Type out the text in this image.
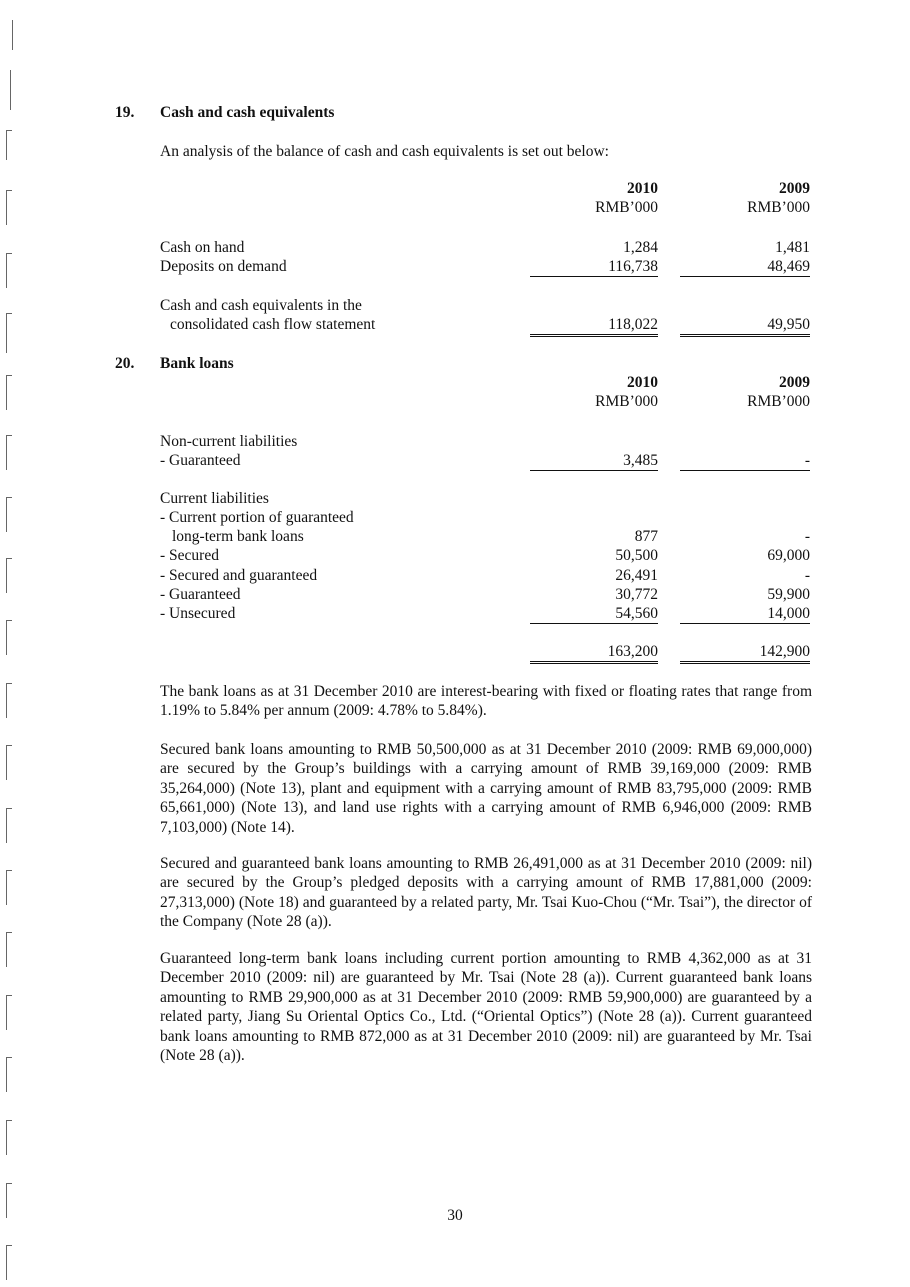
19. Cash and cash equivalents
An analysis of the balance of cash and cash equivalents is set out below:
2010	2009
RMB’000	RMB’000
Cash on hand	1,284	1,481
Deposits on demand	116,738	48,469
Cash and cash equivalents in the
consolidated cash flow statement	118,022	49,950
20. Bank loans
2010	2009
RMB’000	RMB’000
Non-current liabilities
- Guaranteed	3,485	-
Current liabilities
- Current portion of guaranteed
long-term bank loans	877	-
- Secured	50,500	69,000
- Secured and guaranteed	26,491	-
- Guaranteed	30,772	59,900
- Unsecured	54,560	14,000
163,200	142,900
The bank loans as at 31 December 2010 are interest-bearing with fixed or floating rates that range from 1.19% to 5.84% per annum (2009: 4.78% to 5.84%).
Secured bank loans amounting to RMB 50,500,000 as at 31 December 2010 (2009: RMB 69,000,000) are secured by the Group’s buildings with a carrying amount of RMB 39,169,000 (2009: RMB 35,264,000) (Note 13), plant and equipment with a carrying amount of RMB 83,795,000 (2009: RMB 65,661,000) (Note 13), and land use rights with a carrying amount of RMB 6,946,000 (2009: RMB 7,103,000) (Note 14).
Secured and guaranteed bank loans amounting to RMB 26,491,000 as at 31 December 2010 (2009: nil) are secured by the Group’s pledged deposits with a carrying amount of RMB 17,881,000 (2009: 27,313,000) (Note 18) and guaranteed by a related party, Mr. Tsai Kuo-Chou (“Mr. Tsai”), the director of the Company (Note 28 (a)).
Guaranteed long-term bank loans including current portion amounting to RMB 4,362,000 as at 31 December 2010 (2009: nil) are guaranteed by Mr. Tsai (Note 28 (a)). Current guaranteed bank loans amounting to RMB 29,900,000 as at 31 December 2010 (2009: RMB 59,900,000) are guaranteed by a related party, Jiang Su Oriental Optics Co., Ltd. (“Oriental Optics”) (Note 28 (a)). Current guaranteed bank loans amounting to RMB 872,000 as at 31 December 2010 (2009: nil) are guaranteed by Mr. Tsai (Note 28 (a)).
30
